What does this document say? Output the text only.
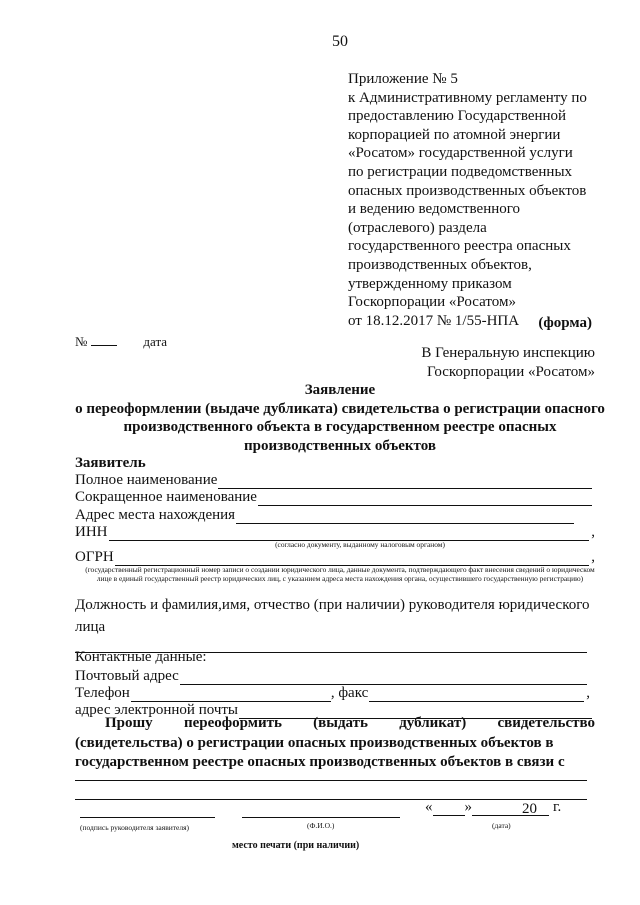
50
Приложение № 5
к Административному регламенту по
предоставлению Государственной
корпорацией по атомной энергии
«Росатом» государственной услуги
по регистрации подведомственных
опасных производственных объектов
и ведению ведомственного
(отраслевого) раздела
государственного реестра опасных
производственных объектов,
утвержденному приказом
Госкорпорации «Росатом»
от 18.12.2017 № 1/55-НПА	(форма)
№	дата
В Генеральную инспекцию
Госкорпорации «Росатом»
Заявление
о переоформлении (выдаче дубликата) свидетельства о регистрации опасного производственного объекта в государственном реестре опасных производственных объектов
Заявитель
Полное наименование
Сокращенное наименование
Адрес места нахождения
ИНН	,
(согласно документу, выданному налоговым органом)
ОГРН	,
(государственный регистрационный номер записи о создании юридического лица, данные документа, подтверждающего факт внесения сведений о юридическом лице в единый государственный реестр юридических лиц, с указанием адреса места нахождения органа, осуществившего государственную регистрацию)
Должность и фамилия,имя, отчество (при наличии) руководителя юридического лица
Контактные данные:
Почтовый адрес
Телефон	, факс	,
адрес электронной почты
Прошу переоформить (выдать дубликат) свидетельство
(свидетельства) о регистрации опасных производственных объектов в
государственном реестре опасных производственных объектов в связи с
« »	20 г.
(подпись руководителя заявителя)	(Ф.И.О.)	(дата)
место печати (при наличии)
